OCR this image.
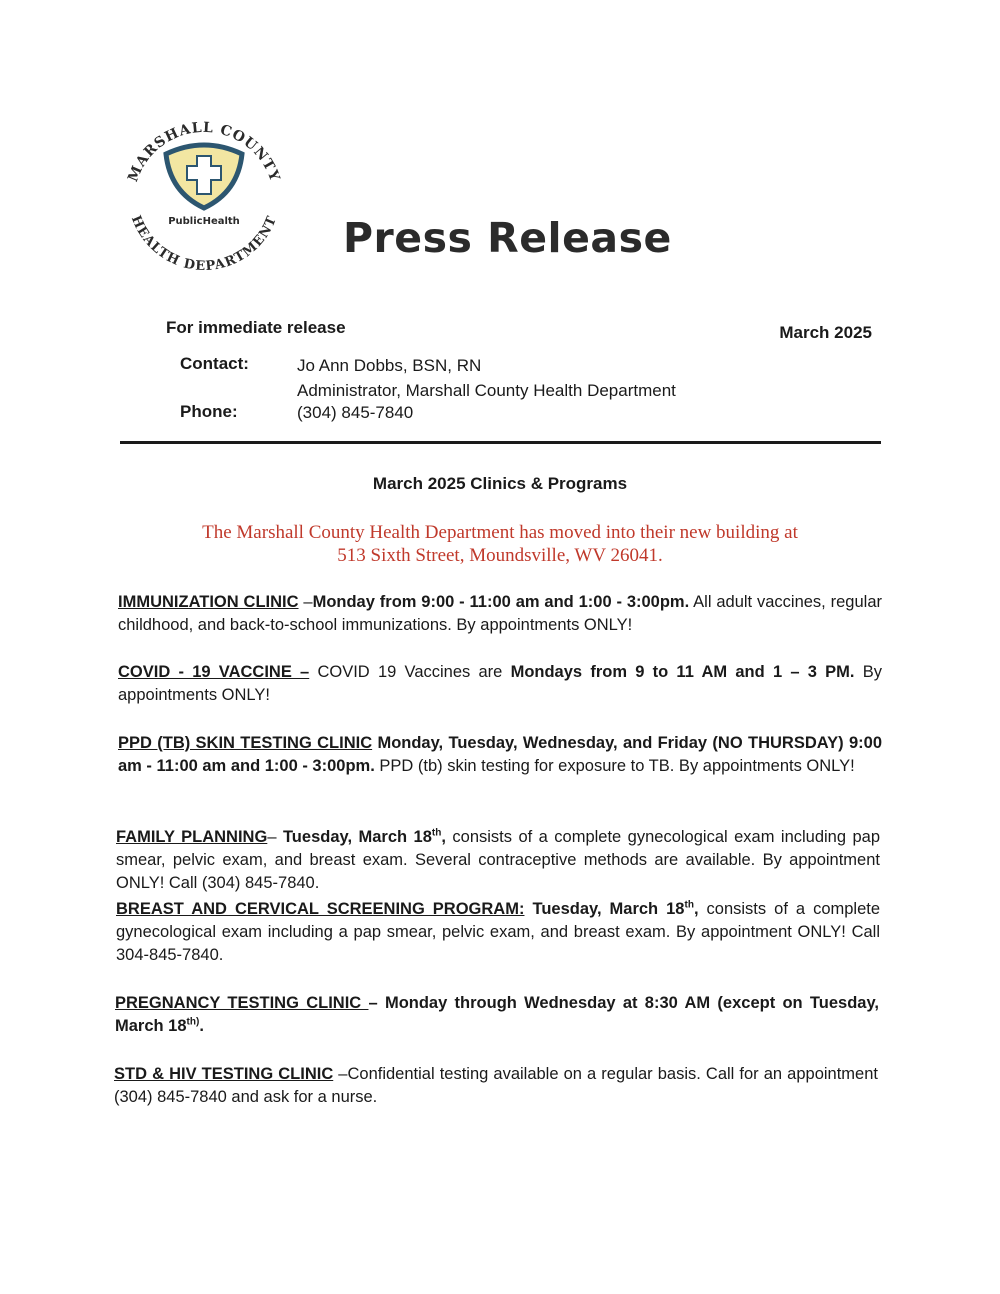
MARSHALL COUNTY
HEALTH DEPARTMENT
PublicHealth	Press Release
For immediate release	March 2025
Contact:	Jo Ann Dobbs, BSN, RN
Administrator, Marshall County Health Department
Phone:	(304) 845-7840
March 2025 Clinics & Programs
The Marshall County Health Department has moved into their new building at
513 Sixth Street, Moundsville, WV 26041.

IMMUNIZATION CLINIC –Monday from 9:00 - 11:00 am and 1:00 - 3:00pm. All adult vaccines, regular childhood, and back-to-school immunizations. By appointments ONLY!

COVID - 19 VACCINE – COVID 19 Vaccines are Mondays from 9 to 11 AM and 1 – 3 PM. By appointments ONLY!

PPD (TB) SKIN TESTING CLINIC Monday, Tuesday, Wednesday, and Friday (NO THURSDAY) 9:00 am - 11:00 am and 1:00 - 3:00pm. PPD (tb) skin testing for exposure to TB. By appointments ONLY!

FAMILY PLANNING– Tuesday, March 18th, consists of a complete gynecological exam including pap smear, pelvic exam, and breast exam. Several contraceptive methods are available. By appointment ONLY! Call (304) 845-7840.

BREAST AND CERVICAL SCREENING PROGRAM: Tuesday, March 18th, consists of a complete gynecological exam including a pap smear, pelvic exam, and breast exam. By appointment ONLY! Call 304-845-7840.

PREGNANCY TESTING CLINIC – Monday through Wednesday at 8:30 AM (except on Tuesday, March $18^{th)}$.

STD & HIV TESTING CLINIC –Confidential testing available on a regular basis. Call for an appointment (304) 845-7840 and ask for a nurse.
